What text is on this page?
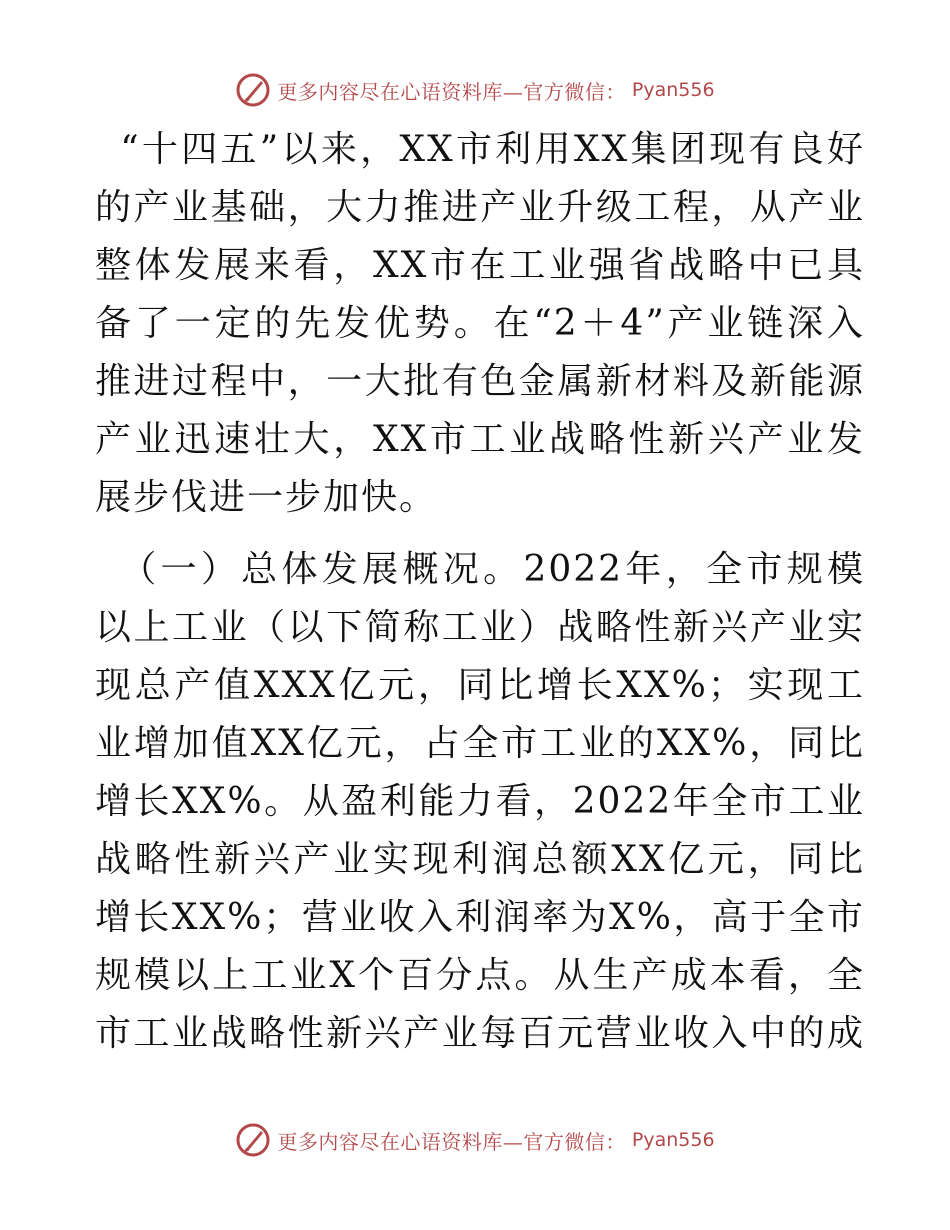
更多内容尽在心语资料库—官方微信： Pyan556

“十四五”以来，XX市利用XX集团现有良好的产业基础，大力推进产业升级工程，从产业整体发展来看，XX市在工业强省战略中已具备了一定的先发优势。在“2＋4”产业链深入推进过程中，一大批有色金属新材料及新能源产业迅速壮大，XX市工业战略性新兴产业发展步伐进一步加快。

（一）总体发展概况。2022年，全市规模以上工业（以下简称工业）战略性新兴产业实现总产值XXX亿元，同比增长XX%；实现工业增加值XX亿元，占全市工业的XX%，同比增长XX%。从盈利能力看，2022年全市工业战略性新兴产业实现利润总额XX亿元，同比增长XX%；营业收入利润率为X%，高于全市规模以上工业X个百分点。从生产成本看，全市工业战略性新兴产业每百元营业收入中的成

更多内容尽在心语资料库—官方微信： Pyan556
